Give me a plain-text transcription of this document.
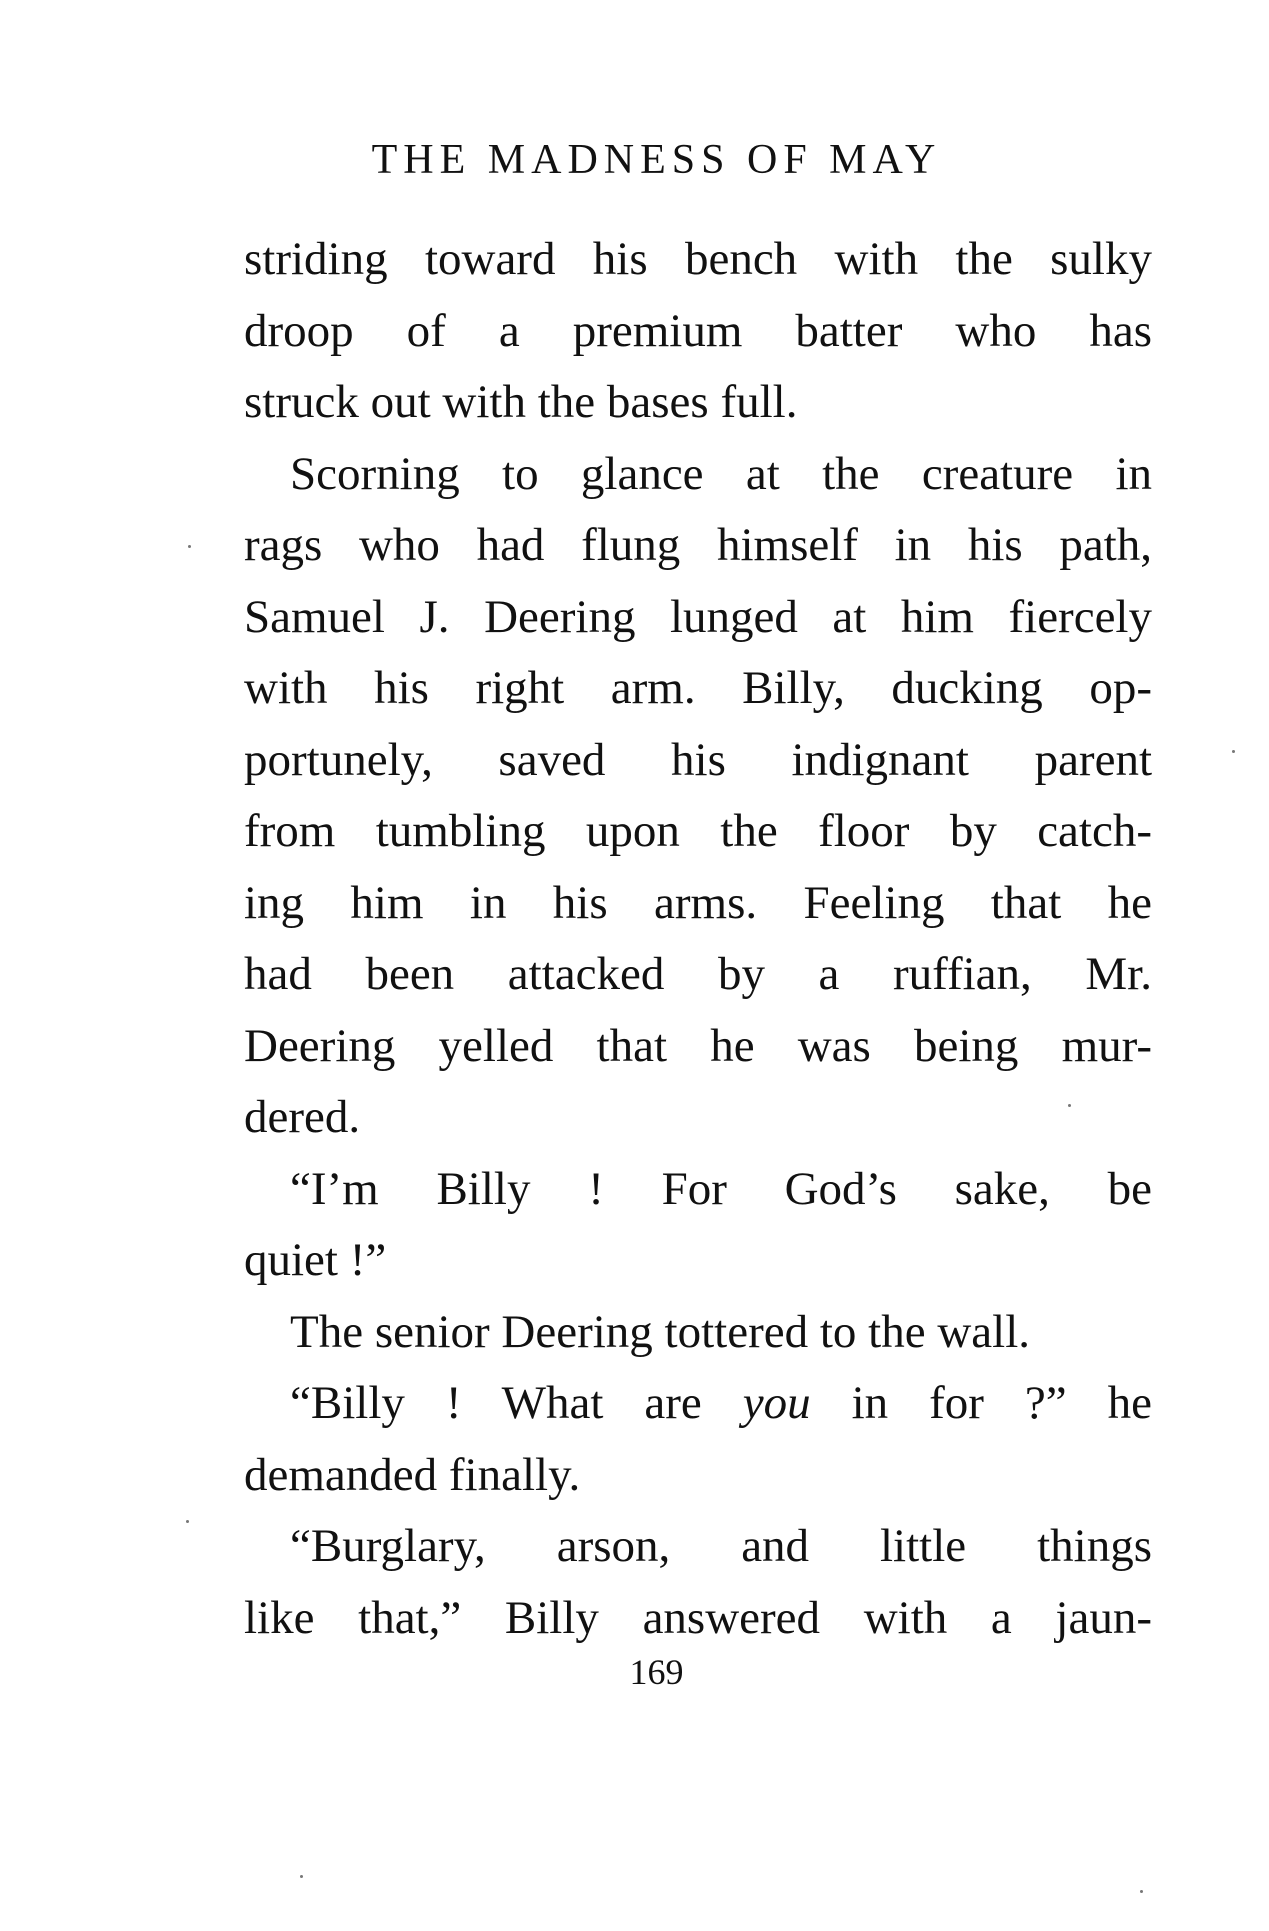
THE MADNESS OF MAY
striding toward his bench with the sulky
droop of a premium batter who has
struck out with the bases full.
Scorning to glance at the creature in
rags who had flung himself in his path,
Samuel J. Deering lunged at him fiercely
with his right arm. Billy, ducking op-
portunely, saved his indignant parent
from tumbling upon the floor by catch-
ing him in his arms. Feeling that he
had been attacked by a ruffian, Mr.
Deering yelled that he was being mur-
dered.
“I’m Billy ! For God’s sake, be
quiet !”
The senior Deering tottered to the wall.
“Billy ! What are you in for ?” he
demanded finally.
“Burglary, arson, and little things
like that,” Billy answered with a jaun-
169
